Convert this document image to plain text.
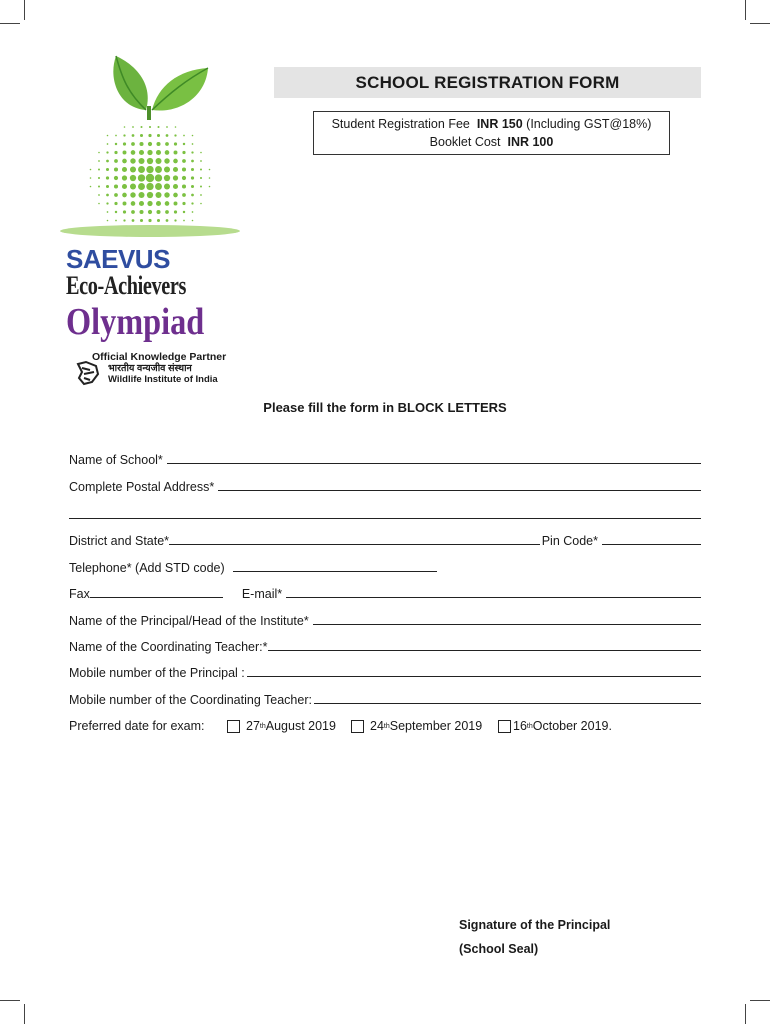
SAEVUS
Eco-Achievers
Olympiad
Official Knowledge Partner
भारतीय वन्यजीव संस्थान
Wildlife Institute of India
SCHOOL REGISTRATION FORM
Student Registration Fee INR 150 (Including GST@18%)
Booklet Cost INR 100
Please fill the form in BLOCK LETTERS
Name of School*
Complete Postal Address*
District and State*	Pin Code*
Telephone* (Add STD code)
Fax	E-mail*
Name of the Principal/Head of the Institute*
Name of the Coordinating Teacher:*
Mobile number of the Principal :
Mobile number of the Coordinating Teacher:
Preferred date for exam:	27 th August 2019	24 th September 2019 16 th October 2019.
Signature of the Principal
(School Seal)
